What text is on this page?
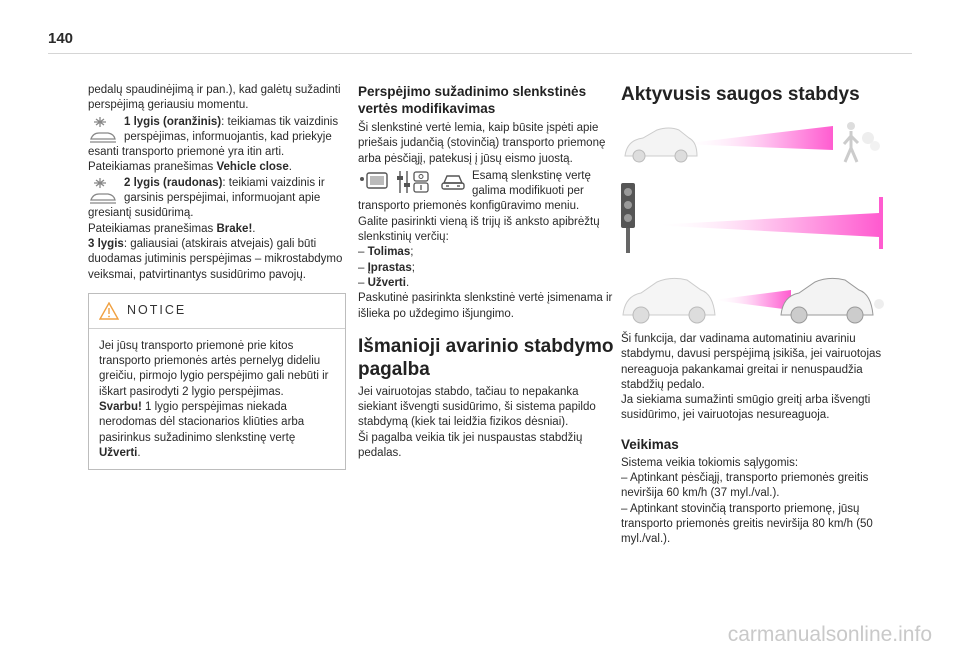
140

pedalų spaudinėjimą ir pan.), kad galėtų sužadinti perspėjimą geriausiu momentu.

1 lygis (oranžinis): teikiamas tik vaizdinis perspėjimas, informuojantis, kad priekyje esanti transporto priemonė yra itin arti.

Pateikiamas pranešimas Vehicle close.

2 lygis (raudonas): teikiami vaizdinis ir garsinis perspėjimai, informuojant apie gresiantį susidūrimą.

Pateikiamas pranešimas Brake!.

3 lygis: galiausiai (atskirais atvejais) gali būti duodamas jutiminis perspėjimas – mikrostabdymo veiksmai, patvirtinantys susidūrimo pavojų.

NOTICE

Jei jūsų transporto priemonė prie kitos transporto priemonės artės pernelyg dideliu greičiu, pirmojo lygio perspėjimo gali nebūti ir iškart pasirodyti 2 lygio perspėjimas.

Svarbu! 1 lygio perspėjimas niekada nerodomas dėl stacionarios kliūties arba pasirinkus sužadinimo slenkstinę vertę Užverti.

Perspėjimo sužadinimo slenkstinės vertės modifikavimas

Ši slenkstinė vertė lemia, kaip būsite įspėti apie priešais judančią (stovinčią) transporto priemonę arba pėsčiąjį, patekusį į jūsų eismo juostą.

Esamą slenkstinę vertę galima modifikuoti per transporto priemonės konfigūravimo meniu.

Galite pasirinkti vieną iš trijų iš anksto apibrėžtų slenkstinių verčių:

– Tolimas;

– Įprastas;

– Užverti.

Paskutinė pasirinkta slenkstinė vertė įsimenama ir išlieka po uždegimo išjungimo.

Išmanioji avarinio stabdymo pagalba

Jei vairuotojas stabdo, tačiau to nepakanka siekiant išvengti susidūrimo, ši sistema papildo stabdymą (kiek tai leidžia fizikos dėsniai).

Ši pagalba veikia tik jei nuspaustas stabdžių pedalas.

Aktyvusis saugos stabdys

Ši funkcija, dar vadinama automatiniu avariniu stabdymu, davusi perspėjimą įsikiša, jei vairuotojas nereaguoja pakankamai greitai ir nenuspaudžia stabdžių pedalo.

Ja siekiama sumažinti smūgio greitį arba išvengti susidūrimo, jei vairuotojas nesureaguoja.

Veikimas

Sistema veikia tokiomis sąlygomis:

– Aptinkant pėsčiąjį, transporto priemonės greitis neviršija 60 km/h (37 myl./val.).

– Aptinkant stovinčią transporto priemonę, jūsų transporto priemonės greitis neviršija 80 km/h (50 myl./val.).

carmanualsonline.info
